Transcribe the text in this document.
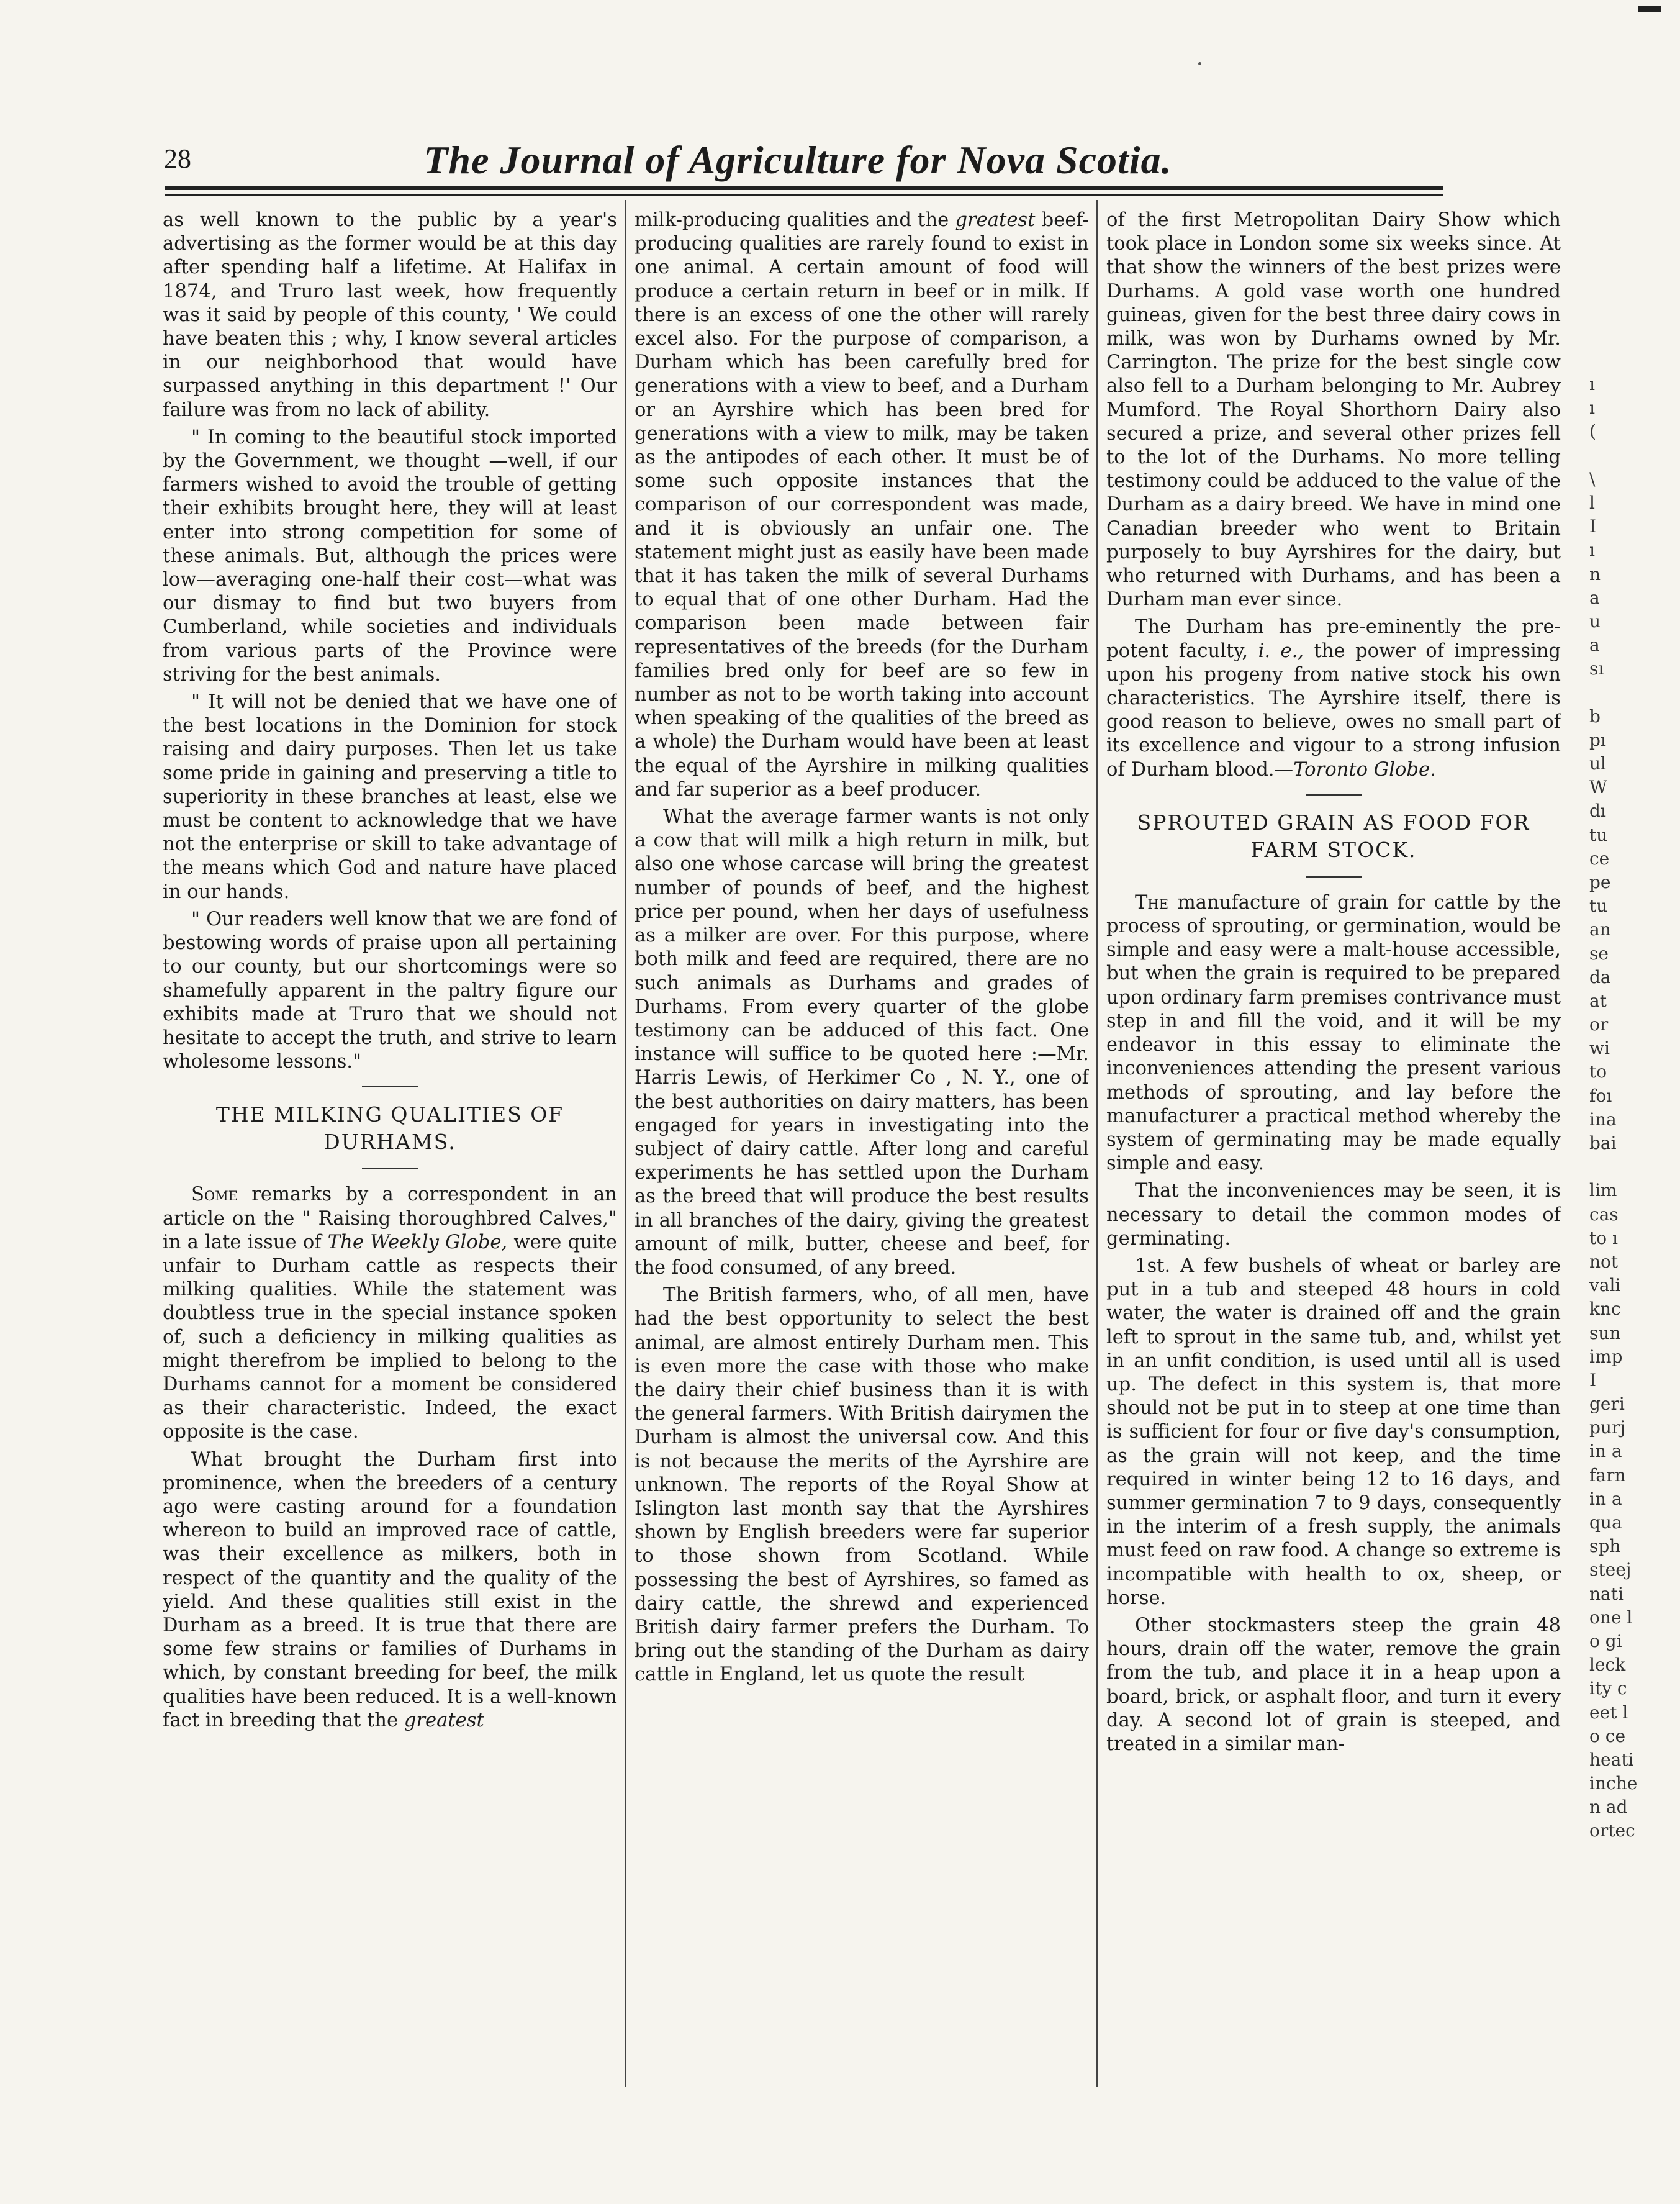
28	The Journal of Agriculture for Nova Scotia.

as well known to the public by a year's advertising as the former would be at this day after spending half a lifetime. At Halifax in 1874, and Truro last week, how frequently was it said by people of this county, ' We could have beaten this ; why, I know several articles in our neighborhood that would have surpassed anything in this department !' Our failure was from no lack of ability.

" In coming to the beautiful stock imported by the Government, we thought —well, if our farmers wished to avoid the trouble of getting their exhibits brought here, they will at least enter into strong competition for some of these animals. But, although the prices were low—averaging one-half their cost—what was our dismay to find but two buyers from Cumberland, while societies and individuals from various parts of the Province were striving for the best animals.

" It will not be denied that we have one of the best locations in the Dominion for stock raising and dairy purposes. Then let us take some pride in gaining and preserving a title to superiority in these branches at least, else we must be content to acknowledge that we have not the enterprise or skill to take advantage of the means which God and nature have placed in our hands.

" Our readers well know that we are fond of bestowing words of praise upon all pertaining to our county, but our shortcomings were so shamefully apparent in the paltry figure our exhibits made at Truro that we should not hesitate to accept the truth, and strive to learn wholesome lessons."

THE MILKING QUALITIES OF DURHAMS.

Some remarks by a correspondent in an article on the " Raising thoroughbred Calves," in a late issue of The Weekly Globe, were quite unfair to Durham cattle as respects their milking qualities. While the statement was doubtless true in the special instance spoken of, such a deficiency in milking qualities as might therefrom be implied to belong to the Durhams cannot for a moment be considered as their characteristic. Indeed, the exact opposite is the case.

What brought the Durham first into prominence, when the breeders of a century ago were casting around for a foundation whereon to build an improved race of cattle, was their excellence as milkers, both in respect of the quantity and the quality of the yield. And these qualities still exist in the Durham as a breed. It is true that there are some few strains or families of Durhams in which, by constant breeding for beef, the milk qualities have been reduced. It is a well-known fact in breeding that the greatest

milk-producing qualities and the greatest beef-producing qualities are rarely found to exist in one animal. A certain amount of food will produce a certain return in beef or in milk. If there is an excess of one the other will rarely excel also. For the purpose of comparison, a Durham which has been carefully bred for generations with a view to beef, and a Durham or an Ayrshire which has been bred for generations with a view to milk, may be taken as the antipodes of each other. It must be of some such opposite instances that the comparison of our correspondent was made, and it is obviously an unfair one. The statement might just as easily have been made that it has taken the milk of several Durhams to equal that of one other Durham. Had the comparison been made between fair representatives of the breeds (for the Durham families bred only for beef are so few in number as not to be worth taking into account when speaking of the qualities of the breed as a whole) the Durham would have been at least the equal of the Ayrshire in milking qualities and far superior as a beef producer.

What the average farmer wants is not only a cow that will milk a high return in milk, but also one whose carcase will bring the greatest number of pounds of beef, and the highest price per pound, when her days of usefulness as a milker are over. For this purpose, where both milk and feed are required, there are no such animals as Durhams and grades of Durhams. From every quarter of the globe testimony can be adduced of this fact. One instance will suffice to be quoted here :—Mr. Harris Lewis, of Herkimer Co , N. Y., one of the best authorities on dairy matters, has been engaged for years in investigating into the subject of dairy cattle. After long and careful experiments he has settled upon the Durham as the breed that will produce the best results in all branches of the dairy, giving the greatest amount of milk, butter, cheese and beef, for the food consumed, of any breed.

The British farmers, who, of all men, have had the best opportunity to select the best animal, are almost entirely Durham men. This is even more the case with those who make the dairy their chief business than it is with the general farmers. With British dairymen the Durham is almost the universal cow. And this is not because the merits of the Ayrshire are unknown. The reports of the Royal Show at Islington last month say that the Ayrshires shown by English breeders were far superior to those shown from Scotland. While possessing the best of Ayrshires, so famed as dairy cattle, the shrewd and experienced British dairy farmer prefers the Durham. To bring out the standing of the Durham as dairy cattle in England, let us quote the result

of the first Metropolitan Dairy Show which took place in London some six weeks since. At that show the winners of the best prizes were Durhams. A gold vase worth one hundred guineas, given for the best three dairy cows in milk, was won by Durhams owned by Mr. Carrington. The prize for the best single cow also fell to a Durham belonging to Mr. Aubrey Mumford. The Royal Shorthorn Dairy also secured a prize, and several other prizes fell to the lot of the Durhams. No more telling testimony could be adduced to the value of the Durham as a dairy breed. We have in mind one Canadian breeder who went to Britain purposely to buy Ayrshires for the dairy, but who returned with Durhams, and has been a Durham man ever since.

The Durham has pre-eminently the pre-potent faculty, i. e., the power of impressing upon his progeny from native stock his own characteristics. The Ayrshire itself, there is good reason to believe, owes no small part of its excellence and vigour to a strong infusion of Durham blood.—Toronto Globe.

SPROUTED GRAIN AS FOOD FOR FARM STOCK.

The manufacture of grain for cattle by the process of sprouting, or germination, would be simple and easy were a malt-house accessible, but when the grain is required to be prepared upon ordinary farm premises contrivance must step in and fill the void, and it will be my endeavor in this essay to eliminate the inconveniences attending the present various methods of sprouting, and lay before the manufacturer a practical method whereby the system of germinating may be made equally simple and easy.

That the inconveniences may be seen, it is necessary to detail the common modes of germinating.

1st. A few bushels of wheat or barley are put in a tub and steeped 48 hours in cold water, the water is drained off and the grain left to sprout in the same tub, and, whilst yet in an unfit condition, is used until all is used up. The defect in this system is, that more should not be put in to steep at one time than is sufficient for four or five day's consumption, as the grain will not keep, and the time required in winter being 12 to 16 days, and summer germination 7 to 9 days, consequently in the interim of a fresh supply, the animals must feed on raw food. A change so extreme is incompatible with health to ox, sheep, or horse.

Other stockmasters steep the grain 48 hours, drain off the water, remove the grain from the tub, and place it in a heap upon a board, brick, or asphalt floor, and turn it every day. A second lot of grain is steeped, and treated in a similar man-

ı
ı
(
\
l
I
ı
n
a
u
a
sı
b
pı
ul
W
dı
tu
ce
pe
tu
an
se
da
at
or
wi
to
foı
ina
bai
lim
cas
to ı
not
vali
knc
sun
imp
I
geri
purj
in a
farn
in a
qua
sph
steej
nati
one l
o gi
leck
ity c
eet l
o ce
heati
inche
n ad
ortec
